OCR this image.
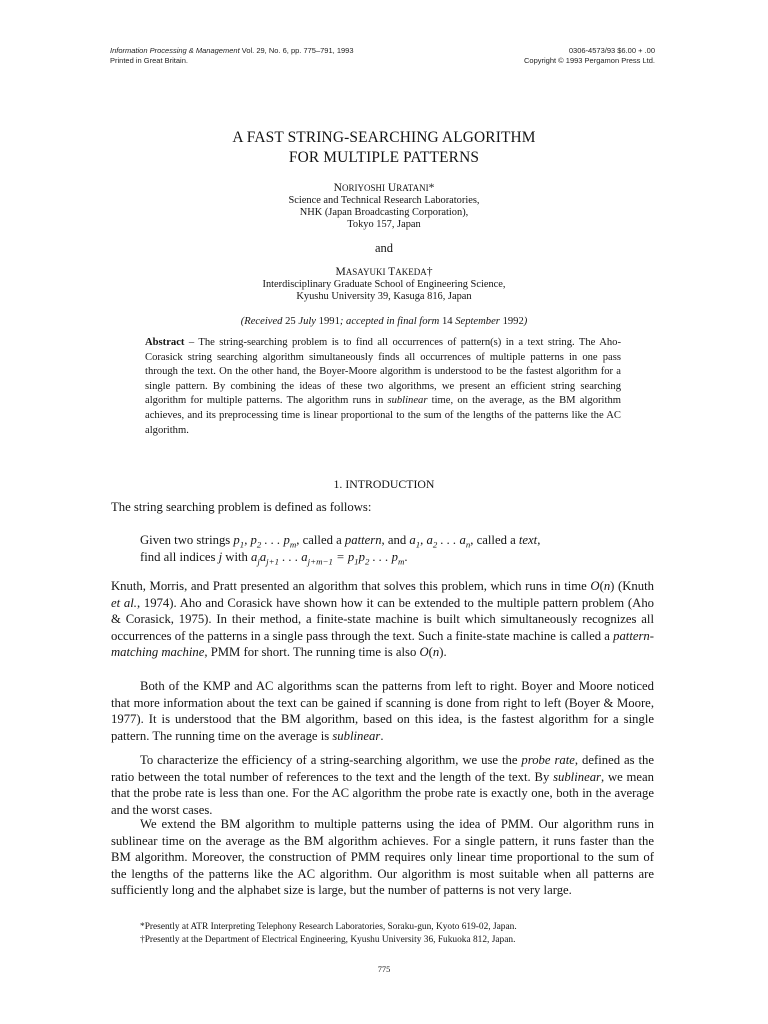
Information Processing & Management Vol. 29, No. 6, pp. 775–791, 1993
Printed in Great Britain.
0306-4573/93 $6.00 + .00
Copyright © 1993 Pergamon Press Ltd.
A FAST STRING-SEARCHING ALGORITHM
FOR MULTIPLE PATTERNS
NORIYOSHI URATANI*
Science and Technical Research Laboratories,
NHK (Japan Broadcasting Corporation),
Tokyo 157, Japan
and
MASAYUKI TAKEDA†
Interdisciplinary Graduate School of Engineering Science,
Kyushu University 39, Kasuga 816, Japan
(Received 25 July 1991; accepted in final form 14 September 1992)
Abstract – The string-searching problem is to find all occurrences of pattern(s) in a text string. The Aho-Corasick string searching algorithm simultaneously finds all occurrences of multiple patterns in one pass through the text. On the other hand, the Boyer-Moore algorithm is understood to be the fastest algorithm for a single pattern. By combining the ideas of these two algorithms, we present an efficient string searching algorithm for multiple patterns. The algorithm runs in sublinear time, on the average, as the BM algorithm achieves, and its preprocessing time is linear proportional to the sum of the lengths of the patterns like the AC algorithm.
1. INTRODUCTION
The string searching problem is defined as follows:
Given two strings $p_1$, $p_2$ . . . $p_m$, called a pattern, and $a_1$, $a_2$ . . . $a_n$, called a text,
find all indices j with $a_ja_{j+1}$ . . . $a_{j+m-1} = p_1p_2$ . . . $p_m$.
Knuth, Morris, and Pratt presented an algorithm that solves this problem, which runs in time O(n) (Knuth et al., 1974). Aho and Corasick have shown how it can be extended to the multiple pattern problem (Aho & Corasick, 1975). In their method, a finite-state machine is built which simultaneously recognizes all occurrences of the patterns in a single pass through the text. Such a finite-state machine is called a pattern-matching machine, PMM for short. The running time is also O(n).
Both of the KMP and AC algorithms scan the patterns from left to right. Boyer and Moore noticed that more information about the text can be gained if scanning is done from right to left (Boyer & Moore, 1977). It is understood that the BM algorithm, based on this idea, is the fastest algorithm for a single pattern. The running time on the average is sublinear.
To characterize the efficiency of a string-searching algorithm, we use the probe rate, defined as the ratio between the total number of references to the text and the length of the text. By sublinear, we mean that the probe rate is less than one. For the AC algorithm the probe rate is exactly one, both in the average and the worst cases.
We extend the BM algorithm to multiple patterns using the idea of PMM. Our algorithm runs in sublinear time on the average as the BM algorithm achieves. For a single pattern, it runs faster than the BM algorithm. Moreover, the construction of PMM requires only linear time proportional to the sum of the lengths of the patterns like the AC algorithm. Our algorithm is most suitable when all patterns are sufficiently long and the alphabet size is large, but the number of patterns is not very large.
*Presently at ATR Interpreting Telephony Research Laboratories, Soraku-gun, Kyoto 619-02, Japan.
†Presently at the Department of Electrical Engineering, Kyushu University 36, Fukuoka 812, Japan.
775
